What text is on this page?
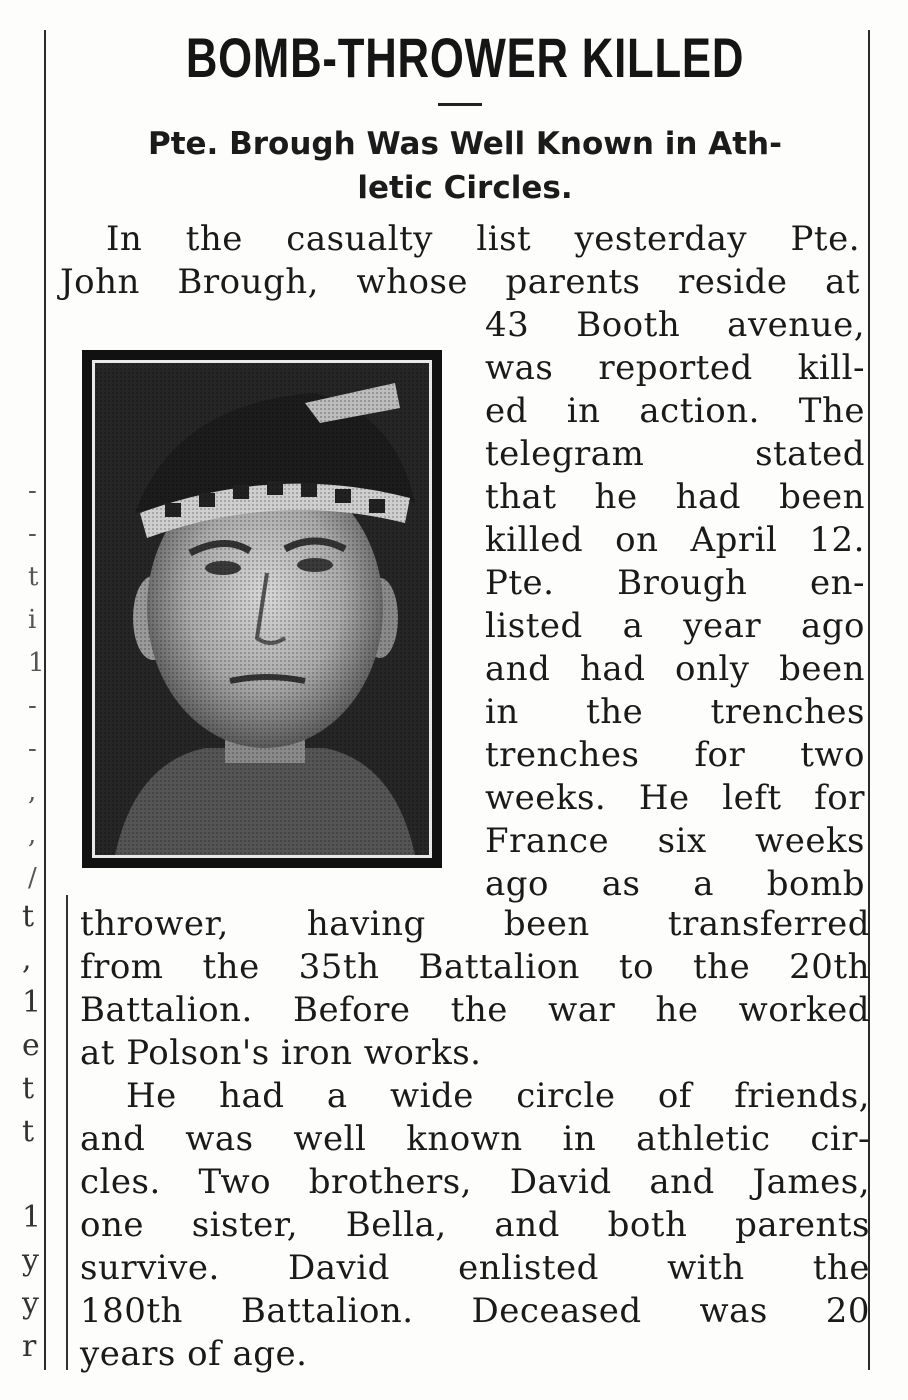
-
-
t
i
1
-
-
,
,
/
t
,
1
e
t
t
1
y
y
r
BOMB-THROWER KILLED
Pte. Brough Was Well Known in Ath-
letic Circles.
In the casualty list yesterday Pte.
John Brough, whose parents reside at
43 Booth avenue,
was reported kill-
ed in action. The
telegram stated
that he had been
killed on April 12.
Pte. Brough en-
listed a year ago
and had only been
in the trenches
trenches for two
weeks. He left for
France six weeks
ago as a bomb
thrower, having been transferred
from the 35th Battalion to the 20th
Battalion. Before the war he worked
at Polson's iron works.
He had a wide circle of friends,
and was well known in athletic cir-
cles. Two brothers, David and James,
one sister, Bella, and both parents
survive. David enlisted with the
180th Battalion. Deceased was 20
years of age.
